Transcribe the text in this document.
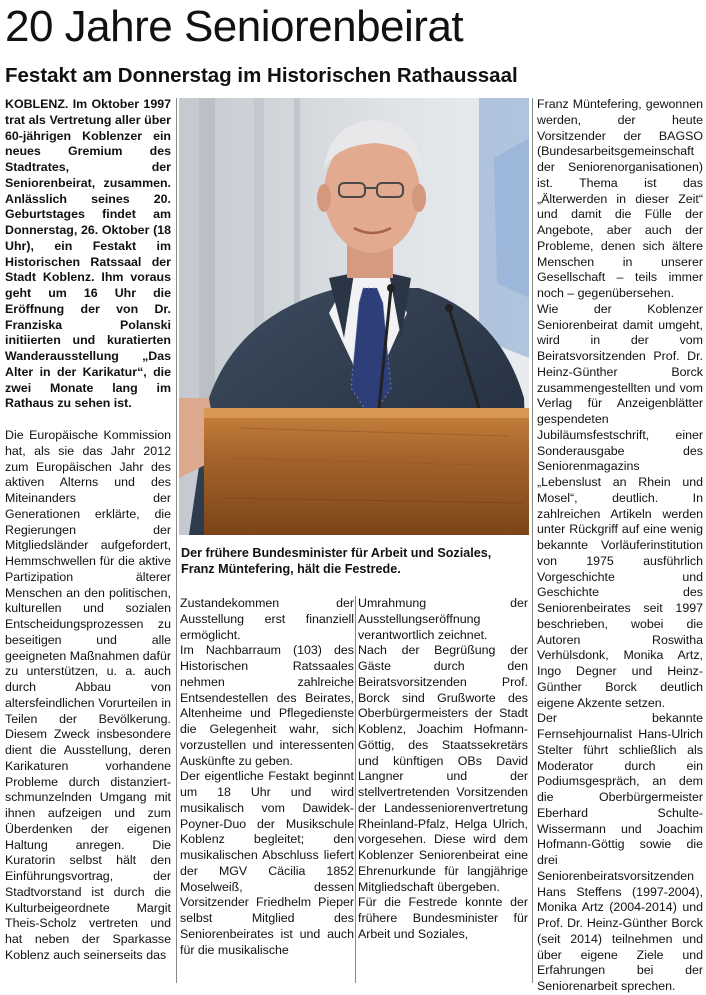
20 Jahre Seniorenbeirat
Festakt am Donnerstag im Historischen Rathaussaal

KOBLENZ. Im Oktober 1997 trat als Vertretung aller über 60-jährigen Koblenzer ein neues Gremium des Stadtrates, der Seniorenbeirat, zusammen. Anlässlich seines 20. Geburtstages findet am Donnerstag, 26. Oktober (18 Uhr), ein Festakt im Historischen Ratssaal der Stadt Koblenz. Ihm voraus geht um 16 Uhr die Eröffnung der von Dr. Franziska Polanski initiierten und kuratierten Wanderausstellung „Das Alter in der Karikatur“, die zwei Monate lang im Rathaus zu sehen ist.

Die Europäische Kommission hat, als sie das Jahr 2012 zum Europäischen Jahr des aktiven Alterns und des Miteinanders der Generationen erklärte, die Regierungen der Mitgliedsländer aufgefordert, Hemmschwellen für die aktive Partizipation älterer Menschen an den politischen, kulturellen und sozialen Entscheidungsprozessen zu beseitigen und alle geeigneten Maßnahmen dafür zu unterstützen, u. a. auch durch Abbau von altersfeindlichen Vorurteilen in Teilen der Bevölkerung. Diesem Zweck insbesondere dient die Ausstellung, deren Karikaturen vorhandene Probleme durch distanziert-schmunzelnden Umgang mit ihnen aufzeigen und zum Überdenken der eigenen Haltung anregen. Die Kuratorin selbst hält den Einführungsvortrag, der Stadtvorstand ist durch die Kulturbeigeordnete Margit Theis-Scholz vertreten und hat neben der Sparkasse Koblenz auch seinerseits das

Der frühere Bundesminister für Arbeit und Soziales, Franz Müntefering, hält die Festrede.

Zustandekommen der Ausstellung erst finanziell ermöglicht.

Im Nachbarraum (103) des Historischen Ratssaales nehmen zahlreiche Entsendestellen des Beirates, Altenheime und Pflegedienste die Gelegenheit wahr, sich vorzustellen und interessenten Auskünfte zu geben.

Der eigentliche Festakt beginnt um 18 Uhr und wird musikalisch vom Dawidek-Poyner-Duo der Musikschule Koblenz begleitet; den musikalischen Abschluss liefert der MGV Cäcilia 1852 Moselweiß, dessen Vorsitzender Friedhelm Pieper selbst Mitglied des Seniorenbeirates ist und auch für die musikalische

Umrahmung der Ausstellungseröffnung verantwortlich zeichnet.

Nach der Begrüßung der Gäste durch den Beiratsvorsitzenden Prof. Borck sind Grußworte des Oberbürgermeisters der Stadt Koblenz, Joachim Hofmann-Göttig, des Staatssekretärs und künftigen OBs David Langner und der stellvertretenden Vorsitzenden der Landesseniorenvertretung Rheinland-Pfalz, Helga Ulrich, vorgesehen. Diese wird dem Koblenzer Seniorenbeirat eine Ehrenurkunde für langjährige Mitgliedschaft übergeben.

Für die Festrede konnte der frühere Bundesminister für Arbeit und Soziales,

Franz Müntefering, gewonnen werden, der heute Vorsitzender der BAGSO (Bundesarbeitsgemeinschaft der Seniorenorganisationen) ist. Thema ist das „Älterwerden in dieser Zeit“ und damit die Fülle der Angebote, aber auch der Probleme, denen sich ältere Menschen in unserer Gesellschaft – teils immer noch – gegenübersehen.

Wie der Koblenzer Seniorenbeirat damit umgeht, wird in der vom Beiratsvorsitzenden Prof. Dr. Heinz-Günther Borck zusammengestellten und vom Verlag für Anzeigenblätter gespendeten Jubiläumsfestschrift, einer Sonderausgabe des Seniorenmagazins „Lebenslust an Rhein und Mosel“, deutlich. In zahlreichen Artikeln werden unter Rückgriff auf eine wenig bekannte Vorläuferinstitution von 1975 ausführlich Vorgeschichte und Geschichte des Seniorenbeirates seit 1997 beschrieben, wobei die Autoren Roswitha Verhülsdonk, Monika Artz, Ingo Degner und Heinz-Günther Borck deutlich eigene Akzente setzen.

Der bekannte Fernsehjournalist Hans-Ulrich Stelter führt schließlich als Moderator durch ein Podiumsgespräch, an dem die Oberbürgermeister Eberhard Schulte-Wissermann und Joachim Hofmann-Göttig sowie die drei Seniorenbeiratsvorsitzenden Hans Steffens (1997-2004), Monika Artz (2004-2014) und Prof. Dr. Heinz-Günther Borck (seit 2014) teilnehmen und über eigene Ziele und Erfahrungen bei der Seniorenarbeit sprechen.
